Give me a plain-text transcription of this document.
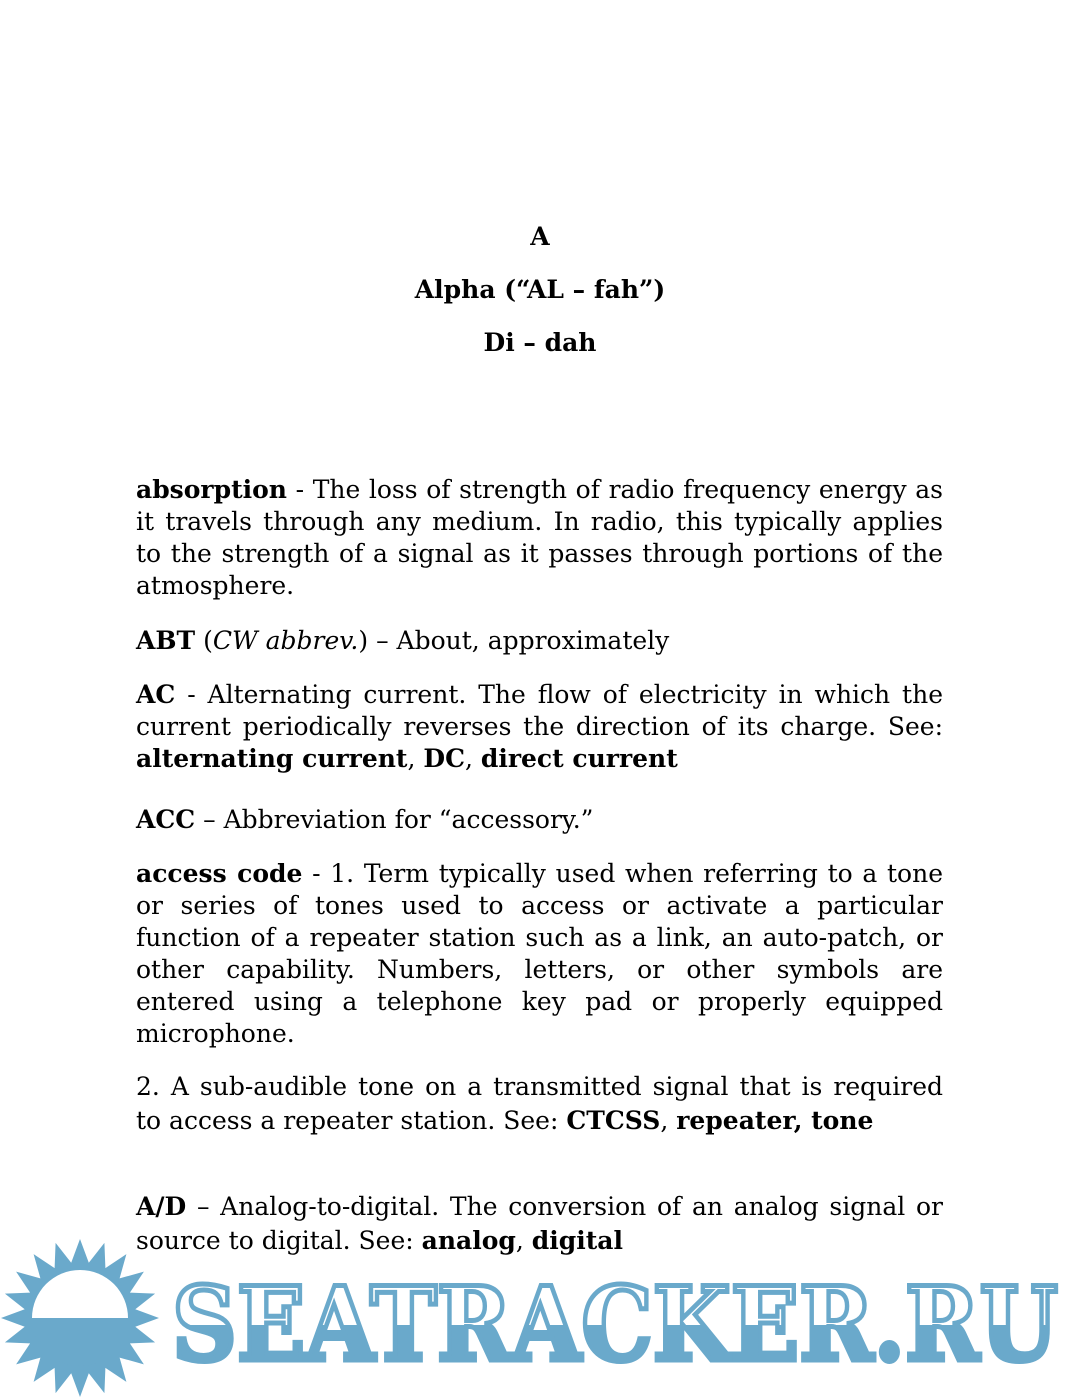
A
Alpha (“AL – fah”)
Di – dah
absorption - The loss of strength of radio frequency energy as it travels through any medium. In radio, this typically applies to the strength of a signal as it passes through portions of the atmosphere.
ABT (CW abbrev.) – About, approximately
AC - Alternating current. The flow of electricity in which the current periodically reverses the direction of its charge. See: alternating current, DC, direct current
ACC – Abbreviation for “accessory.”
access code - 1. Term typically used when referring to a tone or series of tones used to access or activate a particular function of a repeater station such as a link, an auto-patch, or other capability. Numbers, letters, or other symbols are entered using a telephone key pad or properly equipped microphone.
2. A sub-audible tone on a transmitted signal that is required to access a repeater station. See: CTCSS, repeater, tone
A/D – Analog-to-digital. The conversion of an analog signal or source to digital. See: analog, digital
SEATRACKER.RU
